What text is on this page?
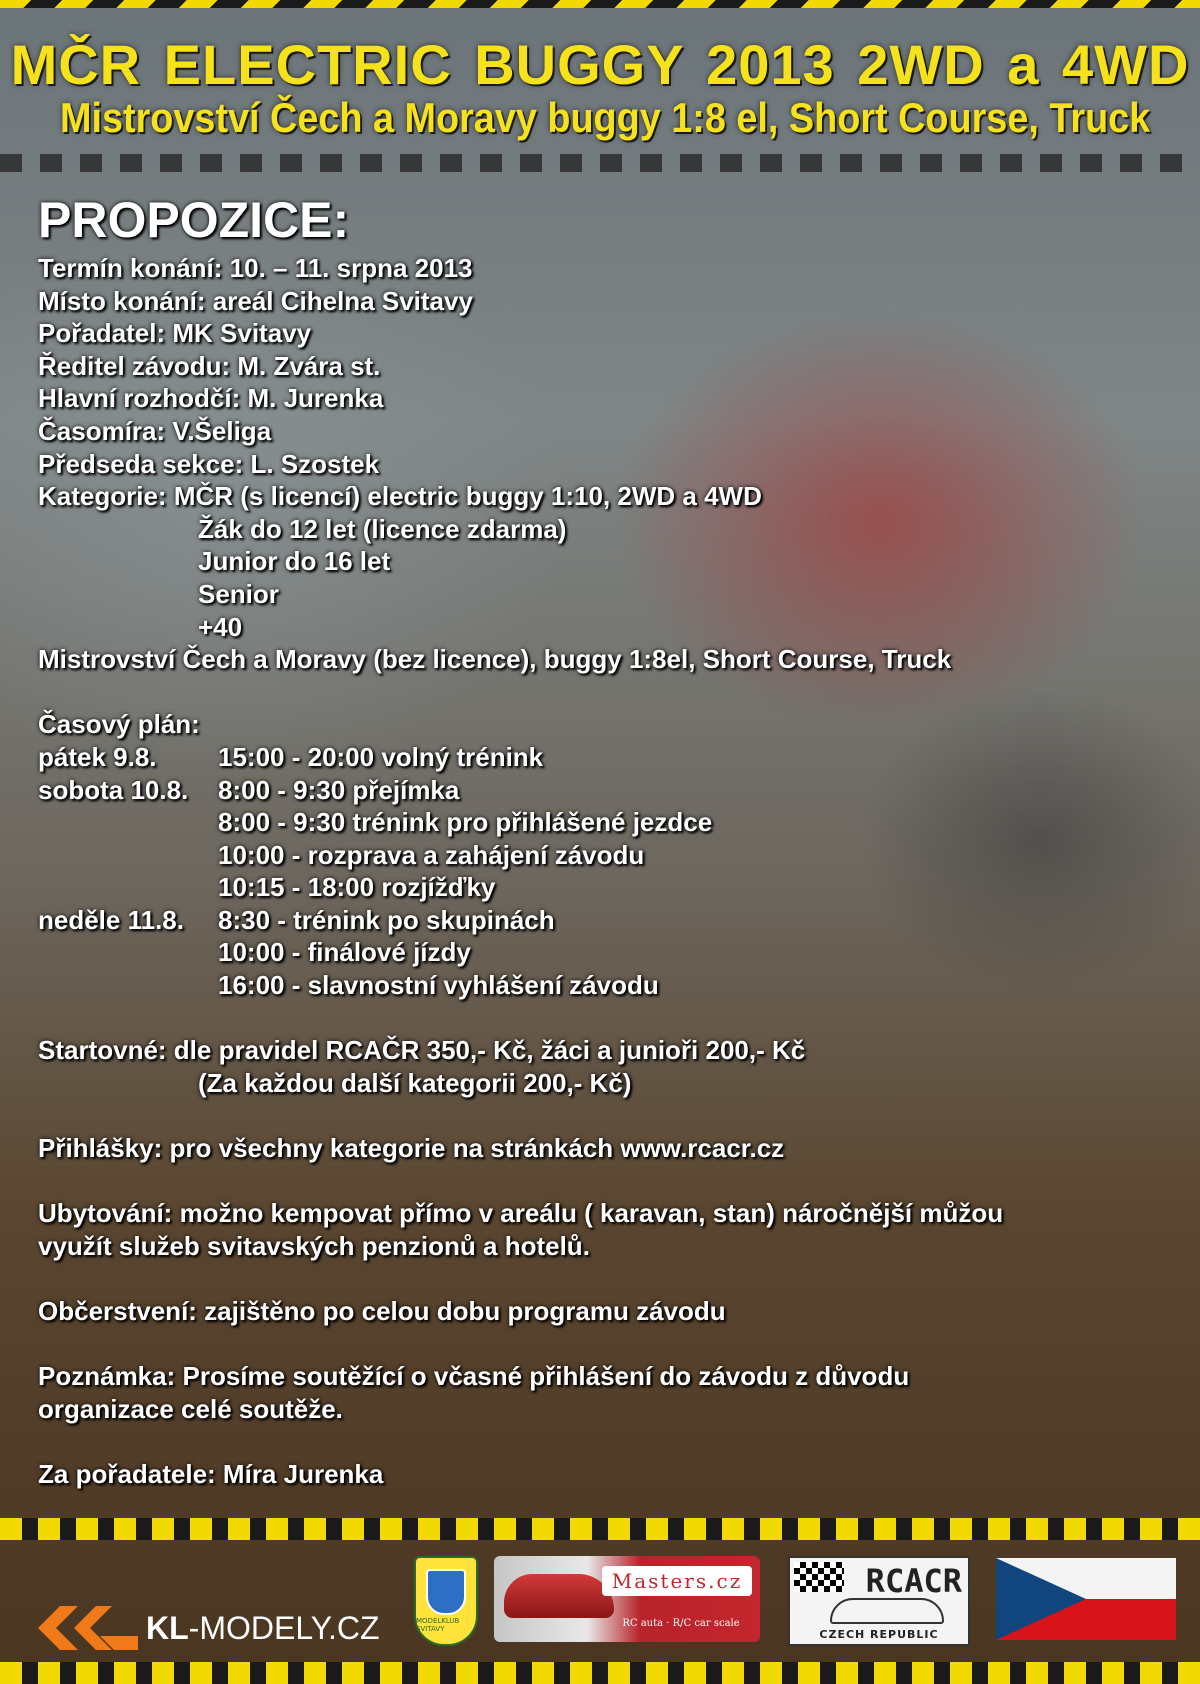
MČR ELECTRIC BUGGY 2013 2WD a 4WD
Mistrovství Čech a Moravy buggy 1:8 el, Short Course, Truck
PROPOZICE:
Termín konání: 10. – 11. srpna 2013
Místo konání: areál Cihelna Svitavy
Pořadatel: MK Svitavy
Ředitel závodu: M. Zvára st.
Hlavní rozhodčí: M. Jurenka
Časomíra: V.Šeliga
Předseda sekce: L. Szostek
Kategorie: MČR (s licencí) electric buggy 1:10, 2WD a 4WD
Žák do 12 let (licence zdarma)
Junior do 16 let
Senior
+40
Mistrovství Čech a Moravy (bez licence), buggy 1:8el, Short Course, Truck
Časový plán:
pátek 9.8.	15:00 - 20:00 volný trénink
sobota 10.8.	8:00 - 9:30 přejímka
8:00 - 9:30 trénink pro přihlášené jezdce
10:00 - rozprava a zahájení závodu
10:15 - 18:00 rozjížďky
neděle 11.8.	8:30 - trénink po skupinách
10:00 - finálové jízdy
16:00 - slavnostní vyhlášení závodu
Startovné: dle pravidel RCAČR 350,- Kč, žáci a junioři 200,- Kč
(Za každou další kategorii 200,- Kč)
Přihlášky: pro všechny kategorie na stránkách www.rcacr.cz
Ubytování: možno kempovat přímo v areálu ( karavan, stan) náročnější můžou
využít služeb svitavských penzionů a hotelů.
Občerstvení: zajištěno po celou dobu programu závodu
Poznámka: Prosíme soutěžící o včasné přihlášení do závodu z důvodu
organizace celé soutěže.
Za pořadatele: Míra Jurenka
KL-MODELY.CZ	MODELKLUB SVITAVY
Masters.cz
RC auta · R/C car scale
RCACR
CZECH REPUBLIC
